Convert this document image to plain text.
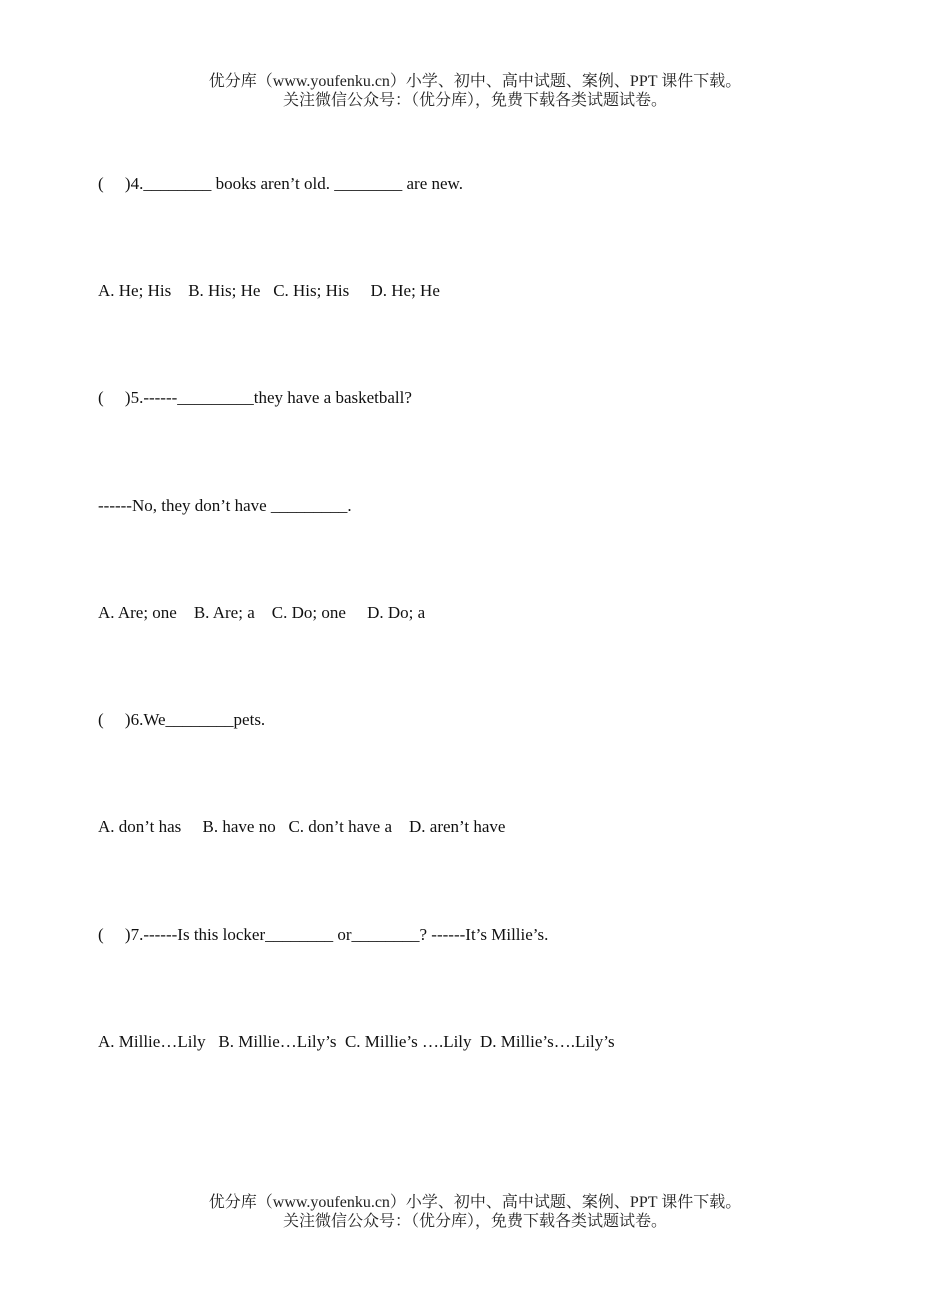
优分库（www.youfenku.cn）小学、初中、高中试题、案例、PPT 课件下载。
关注微信公众号：（优分库），免费下载各类试题试卷。
(     )4.________ books aren’t old. ________ are new.
A. He; His    B. His; He   C. His; His     D. He; He
(     )5.------_________they have a basketball?
------No, they don’t have _________.
A. Are; one    B. Are; a    C. Do; one     D. Do; a
(     )6.We________pets.
A. don’t has     B. have no   C. don’t have a    D. aren’t have
(     )7.------Is this locker________ or________? ------It’s Millie’s.
A. Millie…Lily   B. Millie…Lily’s  C. Millie’s ….Lily  D. Millie’s….Lily’s
优分库（www.youfenku.cn）小学、初中、高中试题、案例、PPT 课件下载。
关注微信公众号：（优分库），免费下载各类试题试卷。
